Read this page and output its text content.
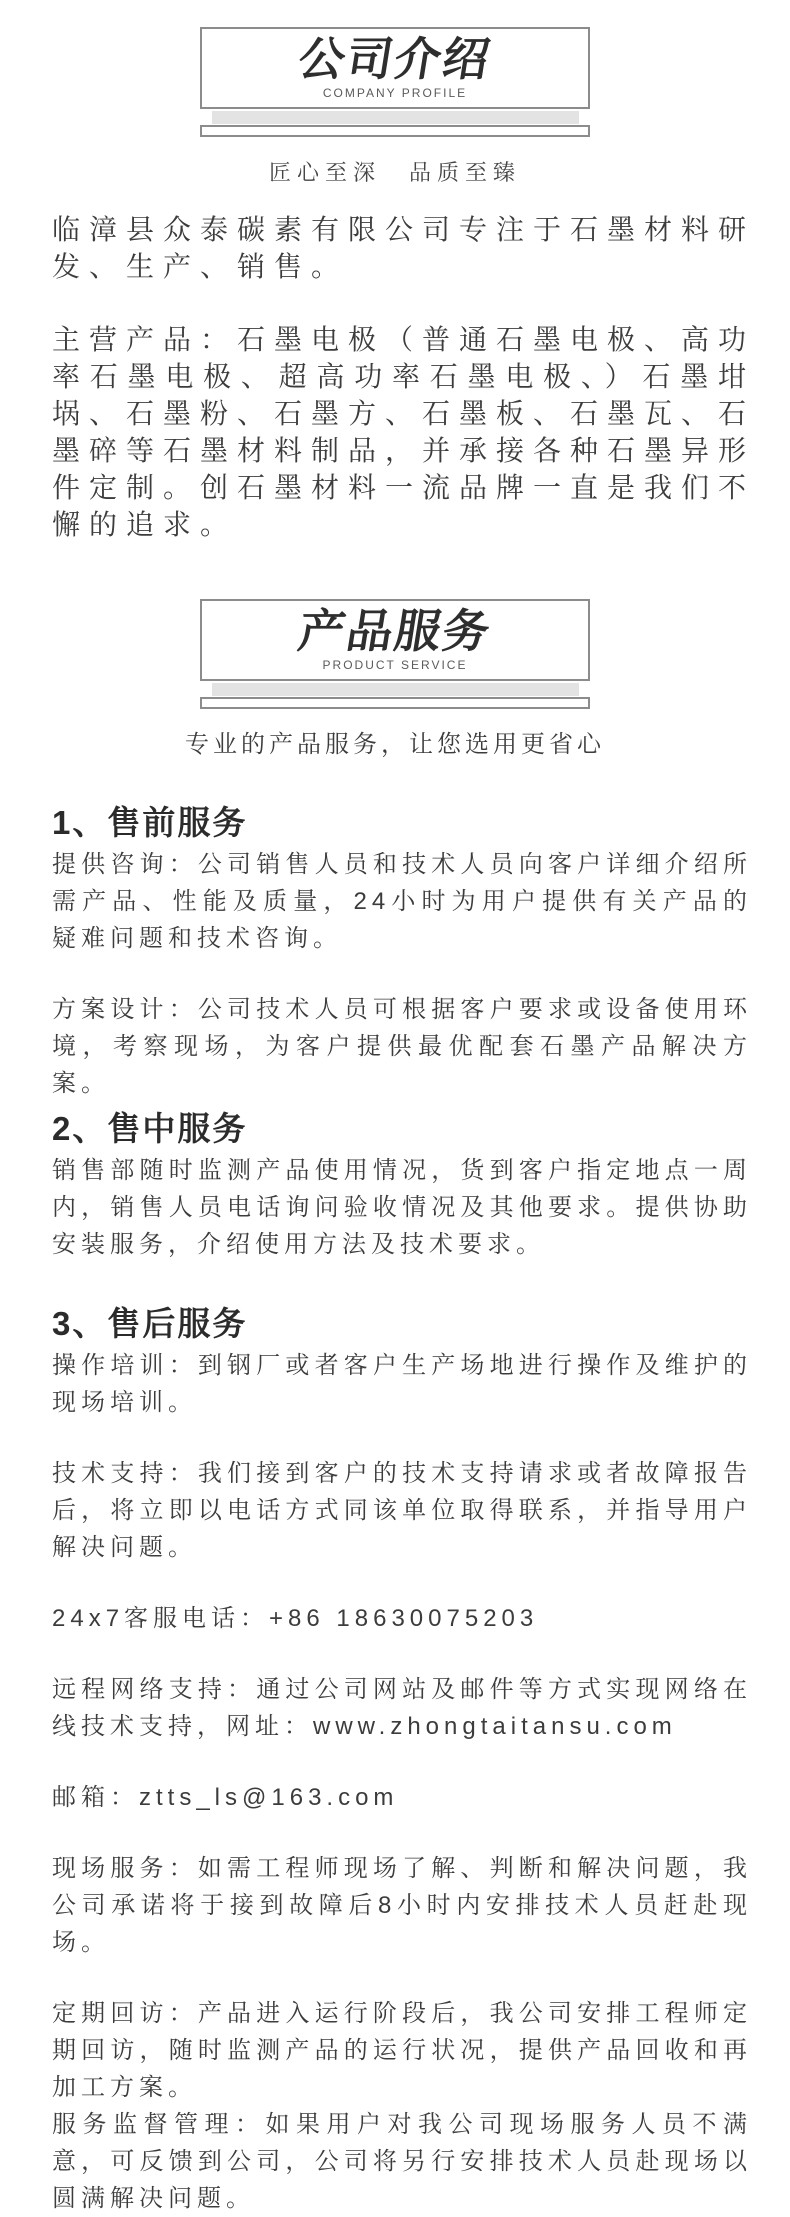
公司介绍
COMPANY PROFILE
匠心至深　品质至臻

临漳县众泰碳素有限公司专注于石墨材料研发、生产、销售。

主营产品：石墨电极（普通石墨电极、高功率石墨电极、超高功率石墨电极、）石墨坩埚、石墨粉、石墨方、石墨板、石墨瓦、石墨碎等石墨材料制品，并承接各种石墨异形件定制。创石墨材料一流品牌一直是我们不懈的追求。

产品服务
PRODUCT SERVICE
专业的产品服务，让您选用更省心
1、售前服务

提供咨询：公司销售人员和技术人员向客户详细介绍所需产品、性能及质量，24小时为用户提供有关产品的疑难问题和技术咨询。

方案设计：公司技术人员可根据客户要求或设备使用环境，考察现场，为客户提供最优配套石墨产品解决方案。

2、售中服务

销售部随时监测产品使用情况，货到客户指定地点一周内，销售人员电话询问验收情况及其他要求。提供协助安装服务，介绍使用方法及技术要求。

3、售后服务

操作培训：到钢厂或者客户生产场地进行操作及维护的现场培训。

技术支持：我们接到客户的技术支持请求或者故障报告后，将立即以电话方式同该单位取得联系，并指导用户解决问题。

24x7客服电话：+86 18630075203

远程网络支持：通过公司网站及邮件等方式实现网络在线技术支持，网址：www.zhongtaitansu.com

邮箱：ztts_ls@163.com

现场服务：如需工程师现场了解、判断和解决问题，我公司承诺将于接到故障后8小时内安排技术人员赶赴现场。

定期回访：产品进入运行阶段后，我公司安排工程师定期回访，随时监测产品的运行状况，提供产品回收和再加工方案。

服务监督管理：如果用户对我公司现场服务人员不满意，可反馈到公司，公司将另行安排技术人员赴现场以圆满解决问题。
